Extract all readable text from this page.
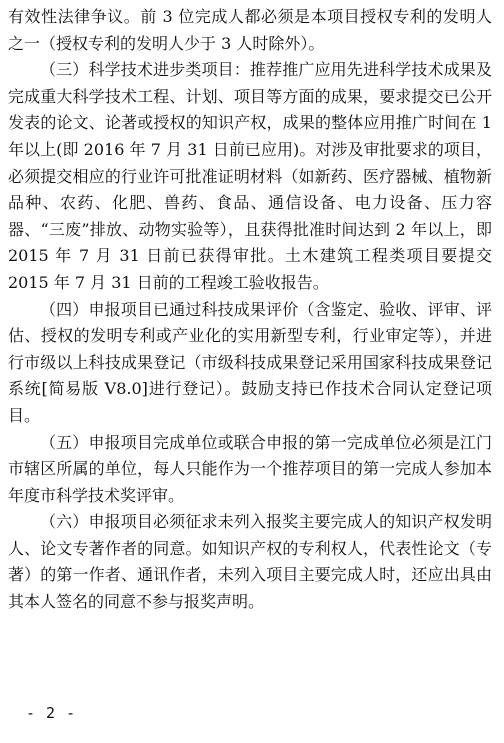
有效性法律争议。前 3 位完成人都必须是本项目授权专利的发明人之一（授权专利的发明人少于 3 人时除外）。

（三）科学技术进步类项目：推荐推广应用先进科学技术成果及完成重大科学技术工程、计划、项目等方面的成果，要求提交已公开发表的论文、论著或授权的知识产权，成果的整体应用推广时间在 1 年以上(即 2016 年 7 月 31 日前已应用)。对涉及审批要求的项目，必须提交相应的行业许可批准证明材料（如新药、医疗器械、植物新品种、农药、化肥、兽药、食品、通信设备、电力设备、压力容器、“三废”排放、动物实验等），且获得批准时间达到 2 年以上，即 2015 年 7 月 31 日前已获得审批。土木建筑工程类项目要提交 2015 年 7 月 31 日前的工程竣工验收报告。

（四）申报项目已通过科技成果评价（含鉴定、验收、评审、评估、授权的发明专利或产业化的实用新型专利，行业审定等），并进行市级以上科技成果登记（市级科技成果登记采用国家科技成果登记系统[简易版 V8.0]进行登记）。鼓励支持已作技术合同认定登记项目。

（五）申报项目完成单位或联合申报的第一完成单位必须是江门市辖区所属的单位，每人只能作为一个推荐项目的第一完成人参加本年度市科学技术奖评审。

（六）申报项目必须征求未列入报奖主要完成人的知识产权发明人、论文专著作者的同意。如知识产权的专利权人，代表性论文（专著）的第一作者、通讯作者，未列入项目主要完成人时，还应出具由其本人签名的同意不参与报奖声明。

- 2 -
